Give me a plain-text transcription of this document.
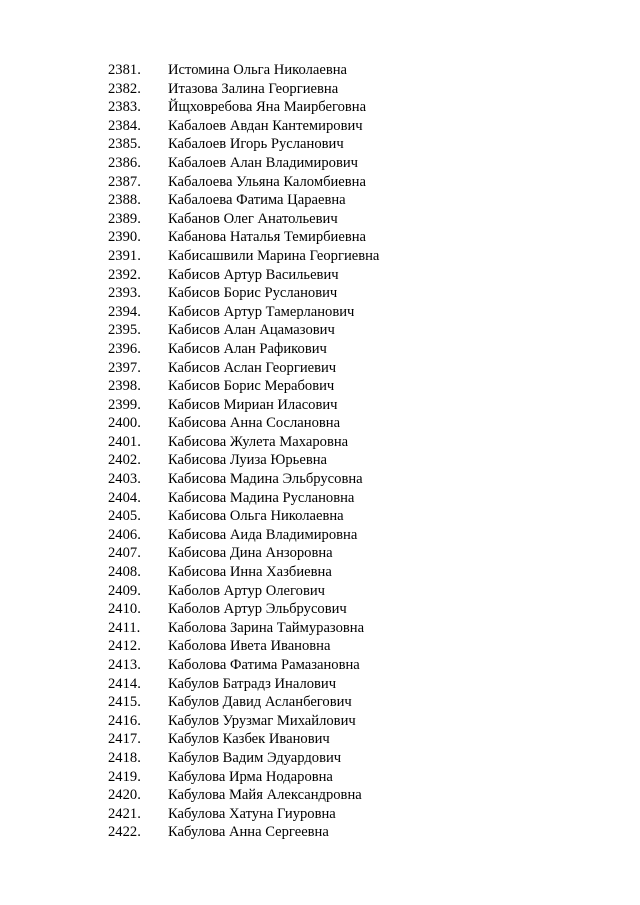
2381.	Истомина Ольга Николаевна
2382.	Итазова Залина Георгиевна
2383.	Йщховребова Яна Маирбеговна
2384.	Кабалоев Авдан Кантемирович
2385.	Кабалоев Игорь Русланович
2386.	Кабалоев Алан Владимирович
2387.	Кабалоева Ульяна Каломбиевна
2388.	Кабалоева Фатима Цараевна
2389.	Кабанов Олег Анатольевич
2390.	Кабанова Наталья Темирбиевна
2391.	Кабисашвили Марина Георгиевна
2392.	Кабисов Артур Васильевич
2393.	Кабисов Борис Русланович
2394.	Кабисов Артур Тамерланович
2395.	Кабисов Алан Ацамазович
2396.	Кабисов Алан Рафикович
2397.	Кабисов Аслан Георгиевич
2398.	Кабисов Борис Мерабович
2399.	Кабисов Мириан Иласович
2400.	Кабисова Анна Сослановна
2401.	Кабисова Жулета Махаровна
2402.	Кабисова Луиза Юрьевна
2403.	Кабисова Мадина Эльбрусовна
2404.	Кабисова Мадина Руслановна
2405.	Кабисова Ольга Николаевна
2406.	Кабисова Аида Владимировна
2407.	Кабисова Дина Анзоровна
2408.	Кабисова Инна Хазбиевна
2409.	Каболов Артур Олегович
2410.	Каболов Артур Эльбрусович
2411.	Каболова Зарина Таймуразовна
2412.	Каболова Ивета Ивановна
2413.	Каболова Фатима Рамазановна
2414.	Кабулов Батрадз Иналович
2415.	Кабулов Давид Асланбегович
2416.	Кабулов Урузмаг Михайлович
2417.	Кабулов Казбек Иванович
2418.	Кабулов Вадим Эдуардович
2419.	Кабулова Ирма Нодаровна
2420.	Кабулова Майя Александровна
2421.	Кабулова Хатуна Гиуровна
2422.	Кабулова Анна Сергеевна
